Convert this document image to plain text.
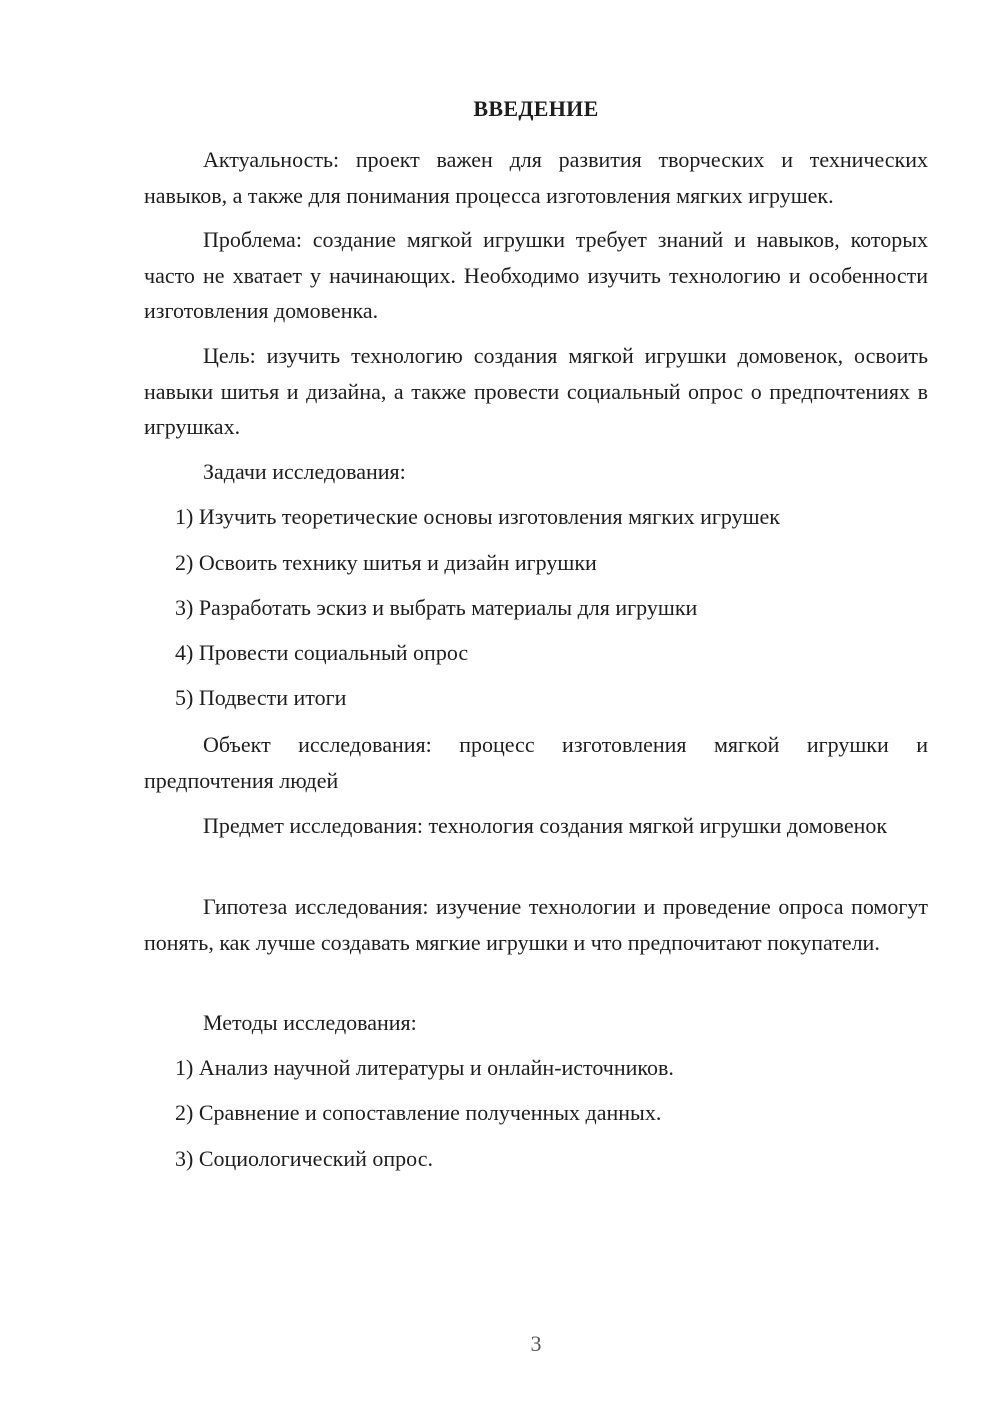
ВВЕДЕНИЕ

Актуальность: проект важен для развития творческих и технических навыков, а также для понимания процесса изготовления мягких игрушек.

Проблема: создание мягкой игрушки требует знаний и навыков, которых часто не хватает у начинающих. Необходимо изучить технологию и особенности изготовления домовенка.

Цель: изучить технологию создания мягкой игрушки домовенок, освоить навыки шитья и дизайна, а также провести социальный опрос о предпочтениях в игрушках.

Задачи исследования:

1) Изучить теоретические основы изготовления мягких игрушек

2) Освоить технику шитья и дизайн игрушки

3) Разработать эскиз и выбрать материалы для игрушки

4) Провести социальный опрос

5) Подвести итоги

Объект исследования: процесс изготовления мягкой игрушки и предпочтения людей

Предмет исследования: технология создания мягкой игрушки домовенок

Гипотеза исследования: изучение технологии и проведение опроса помогут понять, как лучше создавать мягкие игрушки и что предпочитают покупатели.

Методы исследования:

1) Анализ научной литературы и онлайн-источников.

2) Сравнение и сопоставление полученных данных.

3) Социологический опрос.

3
